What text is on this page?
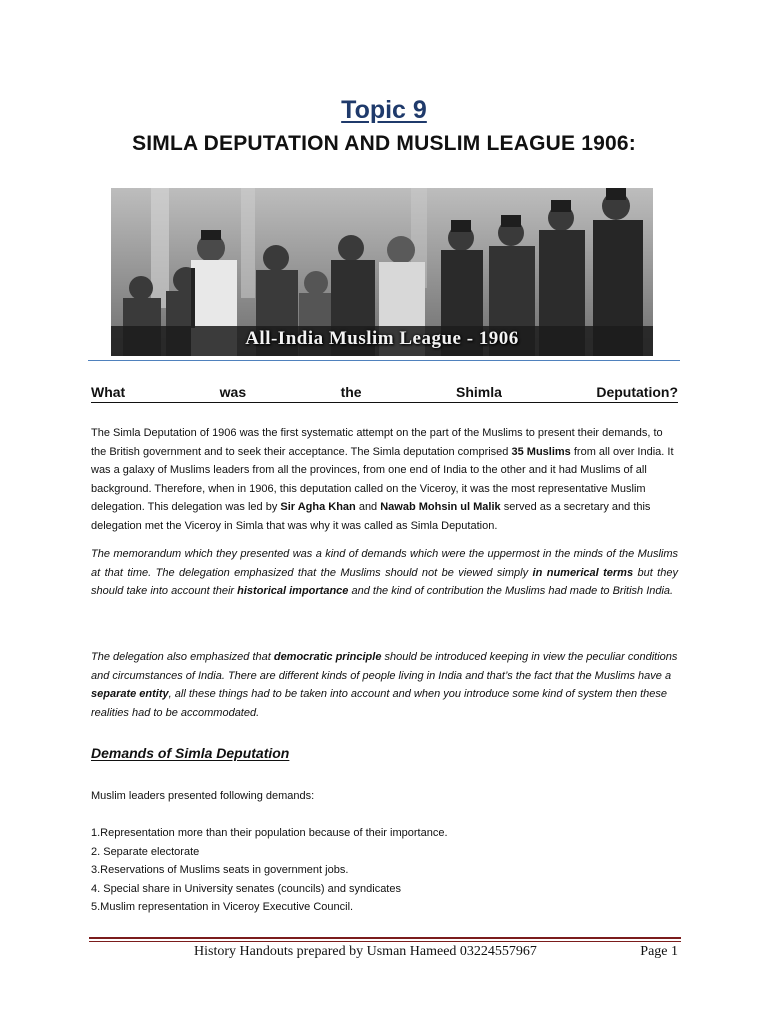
Topic 9
SIMLA DEPUTATION AND MUSLIM LEAGUE 1906:
All-India Muslim League - 1906
What	was	the	Shimla	Deputation?
The Simla Deputation of 1906 was the first systematic attempt on the part of the Muslims to present their demands, to the British government and to seek their acceptance. The Simla deputation comprised 35 Muslims from all over India. It was a galaxy of Muslims leaders from all the provinces, from one end of India to the other and it had Muslims of all background. Therefore, when in 1906, this deputation called on the Viceroy, it was the most representative Muslim delegation. This delegation was led by Sir Agha Khan and Nawab Mohsin ul Malik served as a secretary and this delegation met the Viceroy in Simla that was why it was called as Simla Deputation.
The memorandum which they presented was a kind of demands which were the uppermost in the minds of the Muslims at that time. The delegation emphasized that the Muslims should not be viewed simply in numerical terms but they should take into account their historical importance and the kind of contribution the Muslims had made to British India.
The delegation also emphasized that democratic principle should be introduced keeping in view the peculiar conditions and circumstances of India. There are different kinds of people living in India and that’s the fact that the Muslims have a separate entity, all these things had to be taken into account and when you introduce some kind of system then these realities had to be accommodated.
Demands of Simla Deputation
Muslim leaders presented following demands:
1.Representation more than their population because of their importance.
2. Separate electorate
3.Reservations of Muslims seats in government jobs.
4. Special share in University senates (councils) and syndicates
5.Muslim representation in Viceroy Executive Council.
History Handouts prepared by Usman Hameed 03224557967	Page 1
